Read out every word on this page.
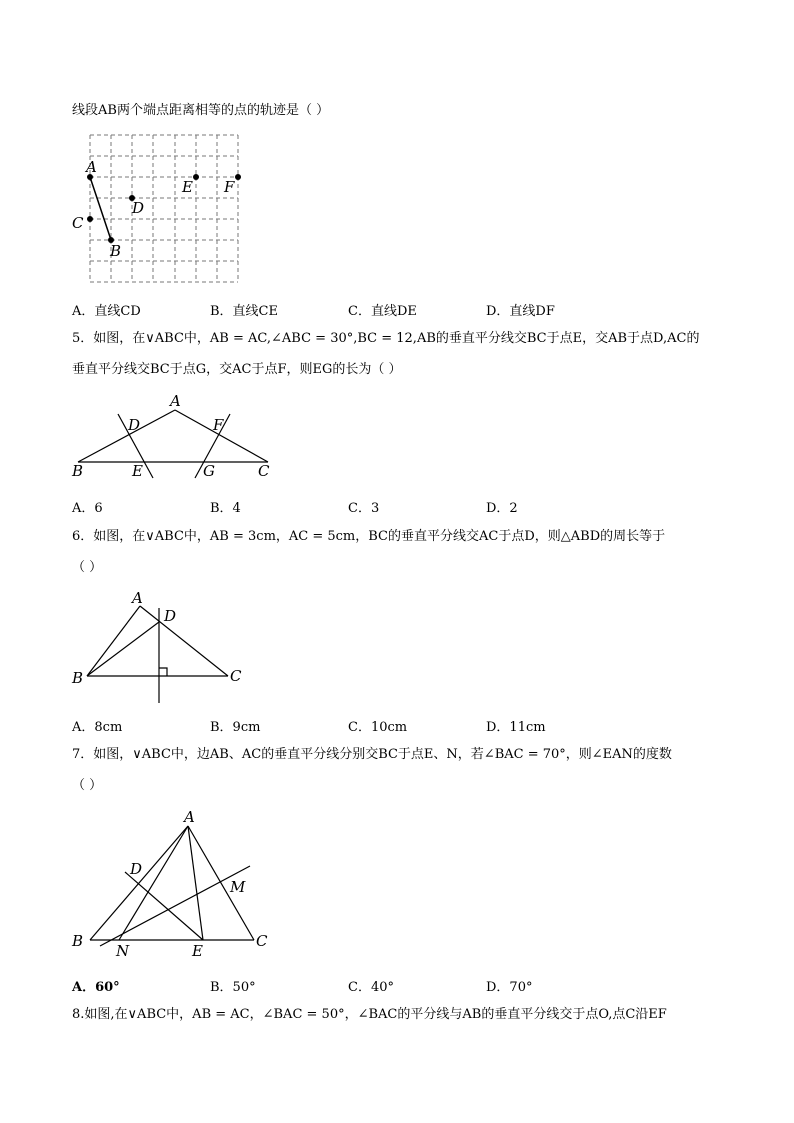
线段AB两个端点距离相等的点的轨迹是（ ）
A
B
C
D
E F
A．直线CD	B．直线CE	C．直线DE	D．直线DF
5．如图，在∨ABC中，AB = AC,∠ABC = 30°,BC = 12,AB的垂直平分线交BC于点E，交AB于点D,AC的
垂直平分线交BC于点G，交AC于点F，则EG的长为（ ）
A
B	C
D
E
F
G
A．6	B．4	C．3	D．2
6．如图，在∨ABC中，AB = 3cm，AC = 5cm，BC的垂直平分线交AC于点D，则△ABD的周长等于
（ ）
A
B	C
D
A．8cm	B．9cm	C．10cm	D．11cm
7．如图，∨ABC中，边AB、AC的垂直平分线分别交BC于点E、N，若∠BAC = 70°，则∠EAN的度数
（ ）
A
B	C
D
E
N
M
A．60°	B．50°	C．40°	D．70°
8.如图,在∨ABC中，AB = AC，∠BAC = 50°，∠BAC的平分线与AB的垂直平分线交于点O,点C沿EF
